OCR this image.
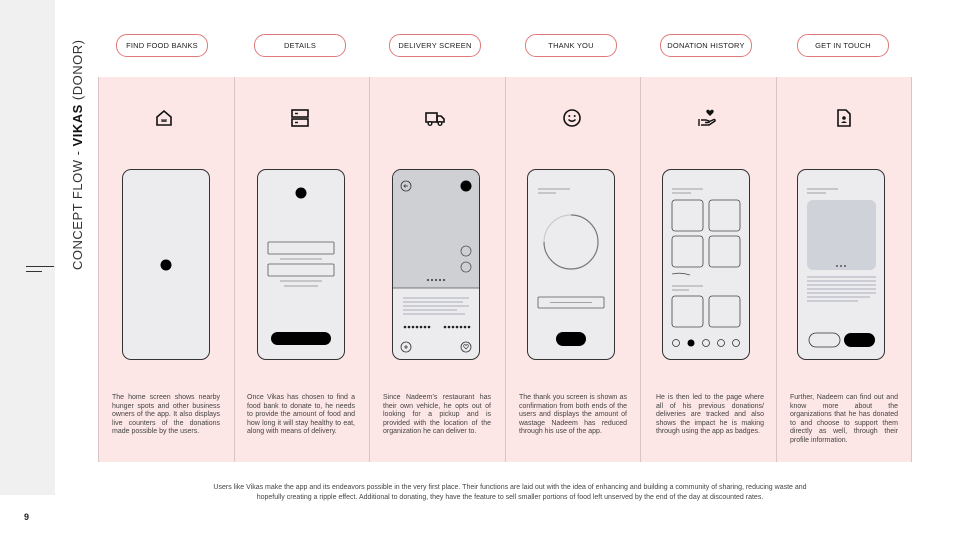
9
CONCEPT FLOW - VIKAS (DONOR)	FIND FOOD BANKS	DETAILS	DELIVERY SCREEN	THANK YOU	DONATION HISTORY	GET IN TOUCH
The home screen shows nearby hunger spots and other business owners of the app. It also displays live counters of the donations made possible by the users.
Once Vikas has chosen to find a food bank to donate to, he needs to provide the amount of food and how long it will stay healthy to eat, along with means of delivery.
Since Nadeem’s restaurant has their own vehicle, he opts out of looking for a pickup and is provided with the location of the organization he can deliver to.
The thank you screen is shown as confirmation from both ends of the users and displays the amount of wastage Nadeem has reduced through his use of the app.
He is then led to the page where all of his previous donations/ deliveries are tracked and also shows the impact he is making through using the app as badges.
Further, Nadeem can find out and know more about the organizations that he has donated to and choose to support them directly as well, through their profile information.
Users like Vikas make the app and its endeavors possible in the very first place. Their functions are laid out with the idea of enhancing and building a community of sharing, reducing waste and hopefully creating a ripple effect. Additional to donating, they have the feature to sell smaller portions of food left unserved by the end of the day at discounted rates.
